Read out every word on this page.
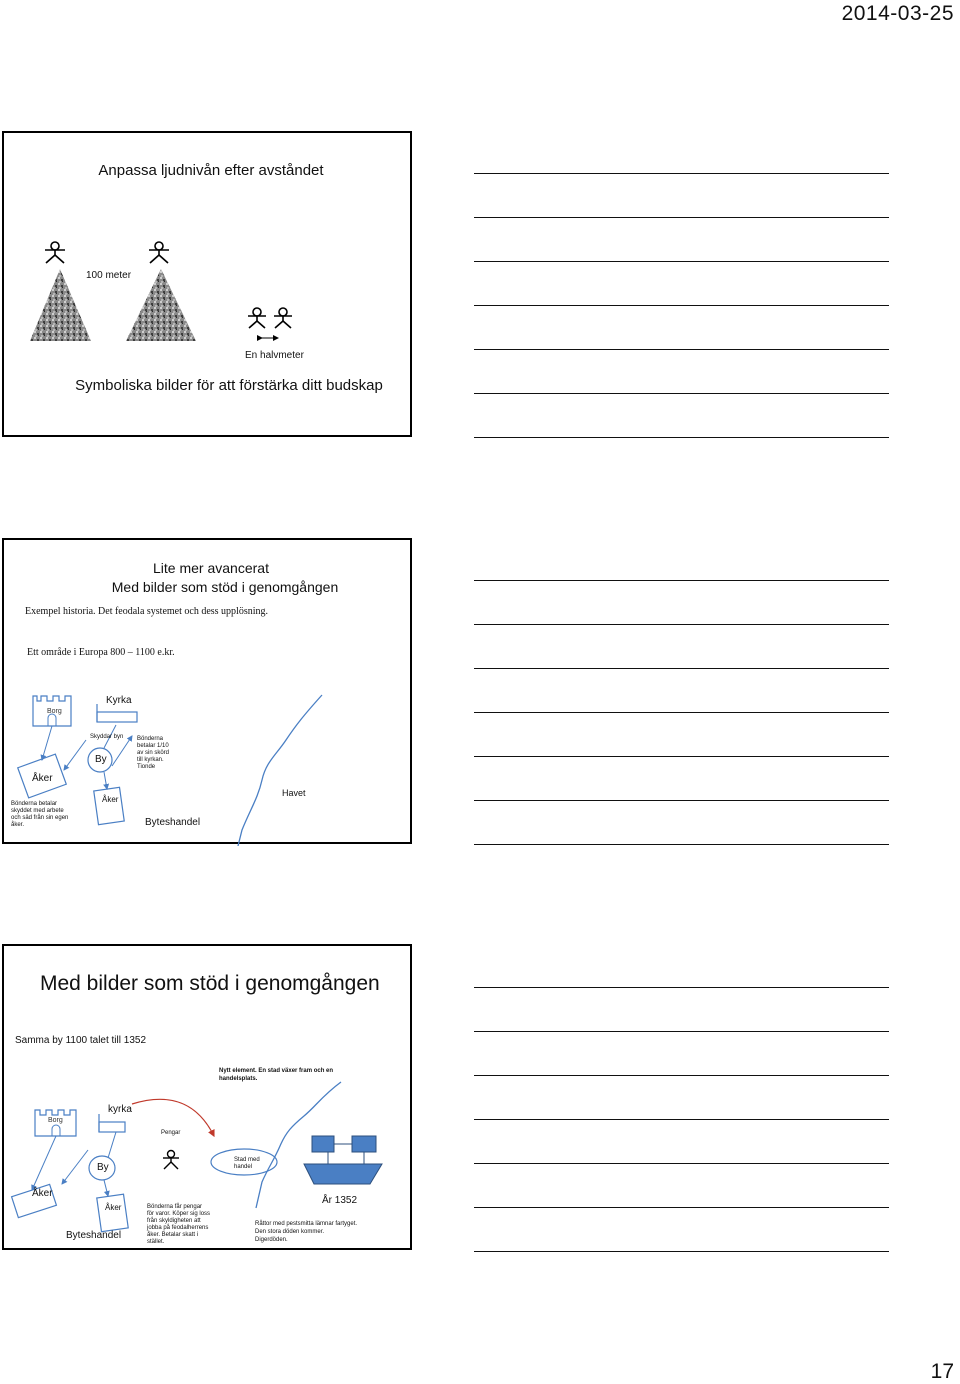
2014-03-25
Anpassa ljudnivån efter avståndet
100 meter
En halvmeter
Symboliska bilder för att förstärka ditt budskap
Lite mer avancerat
Med bilder som stöd i genomgången
Exempel historia. Det feodala systemet och dess upplösning.
Ett område i Europa 800 – 1100 e.kr.
Borg
Kyrka
Skyddar byn
By
Bönderna
betalar 1/10
av sin skörd
till kyrkan.
Tionde
Åker
Åker
Havet
Bönderna betalar
skyddet med arbete
och säd från sin egen
åker.	Byteshandel
Med bilder som stöd i genomgången
Samma by 1100 talet till 1352
Nytt element. En stad växer fram och en
handelsplats.
Borg
kyrka
Pengar
By
Stad med
handel
Åker
Åker
Byteshandel
Bönderna får pengar
för varor. Köper sig loss
från skyldigheten att
jobba på feodalherrens
åker. Betalar skatt i
stället.
År 1352
Råttor med pestsmitta lämnar fartyget.
Den stora döden kommer.
Digerdöden.
17
